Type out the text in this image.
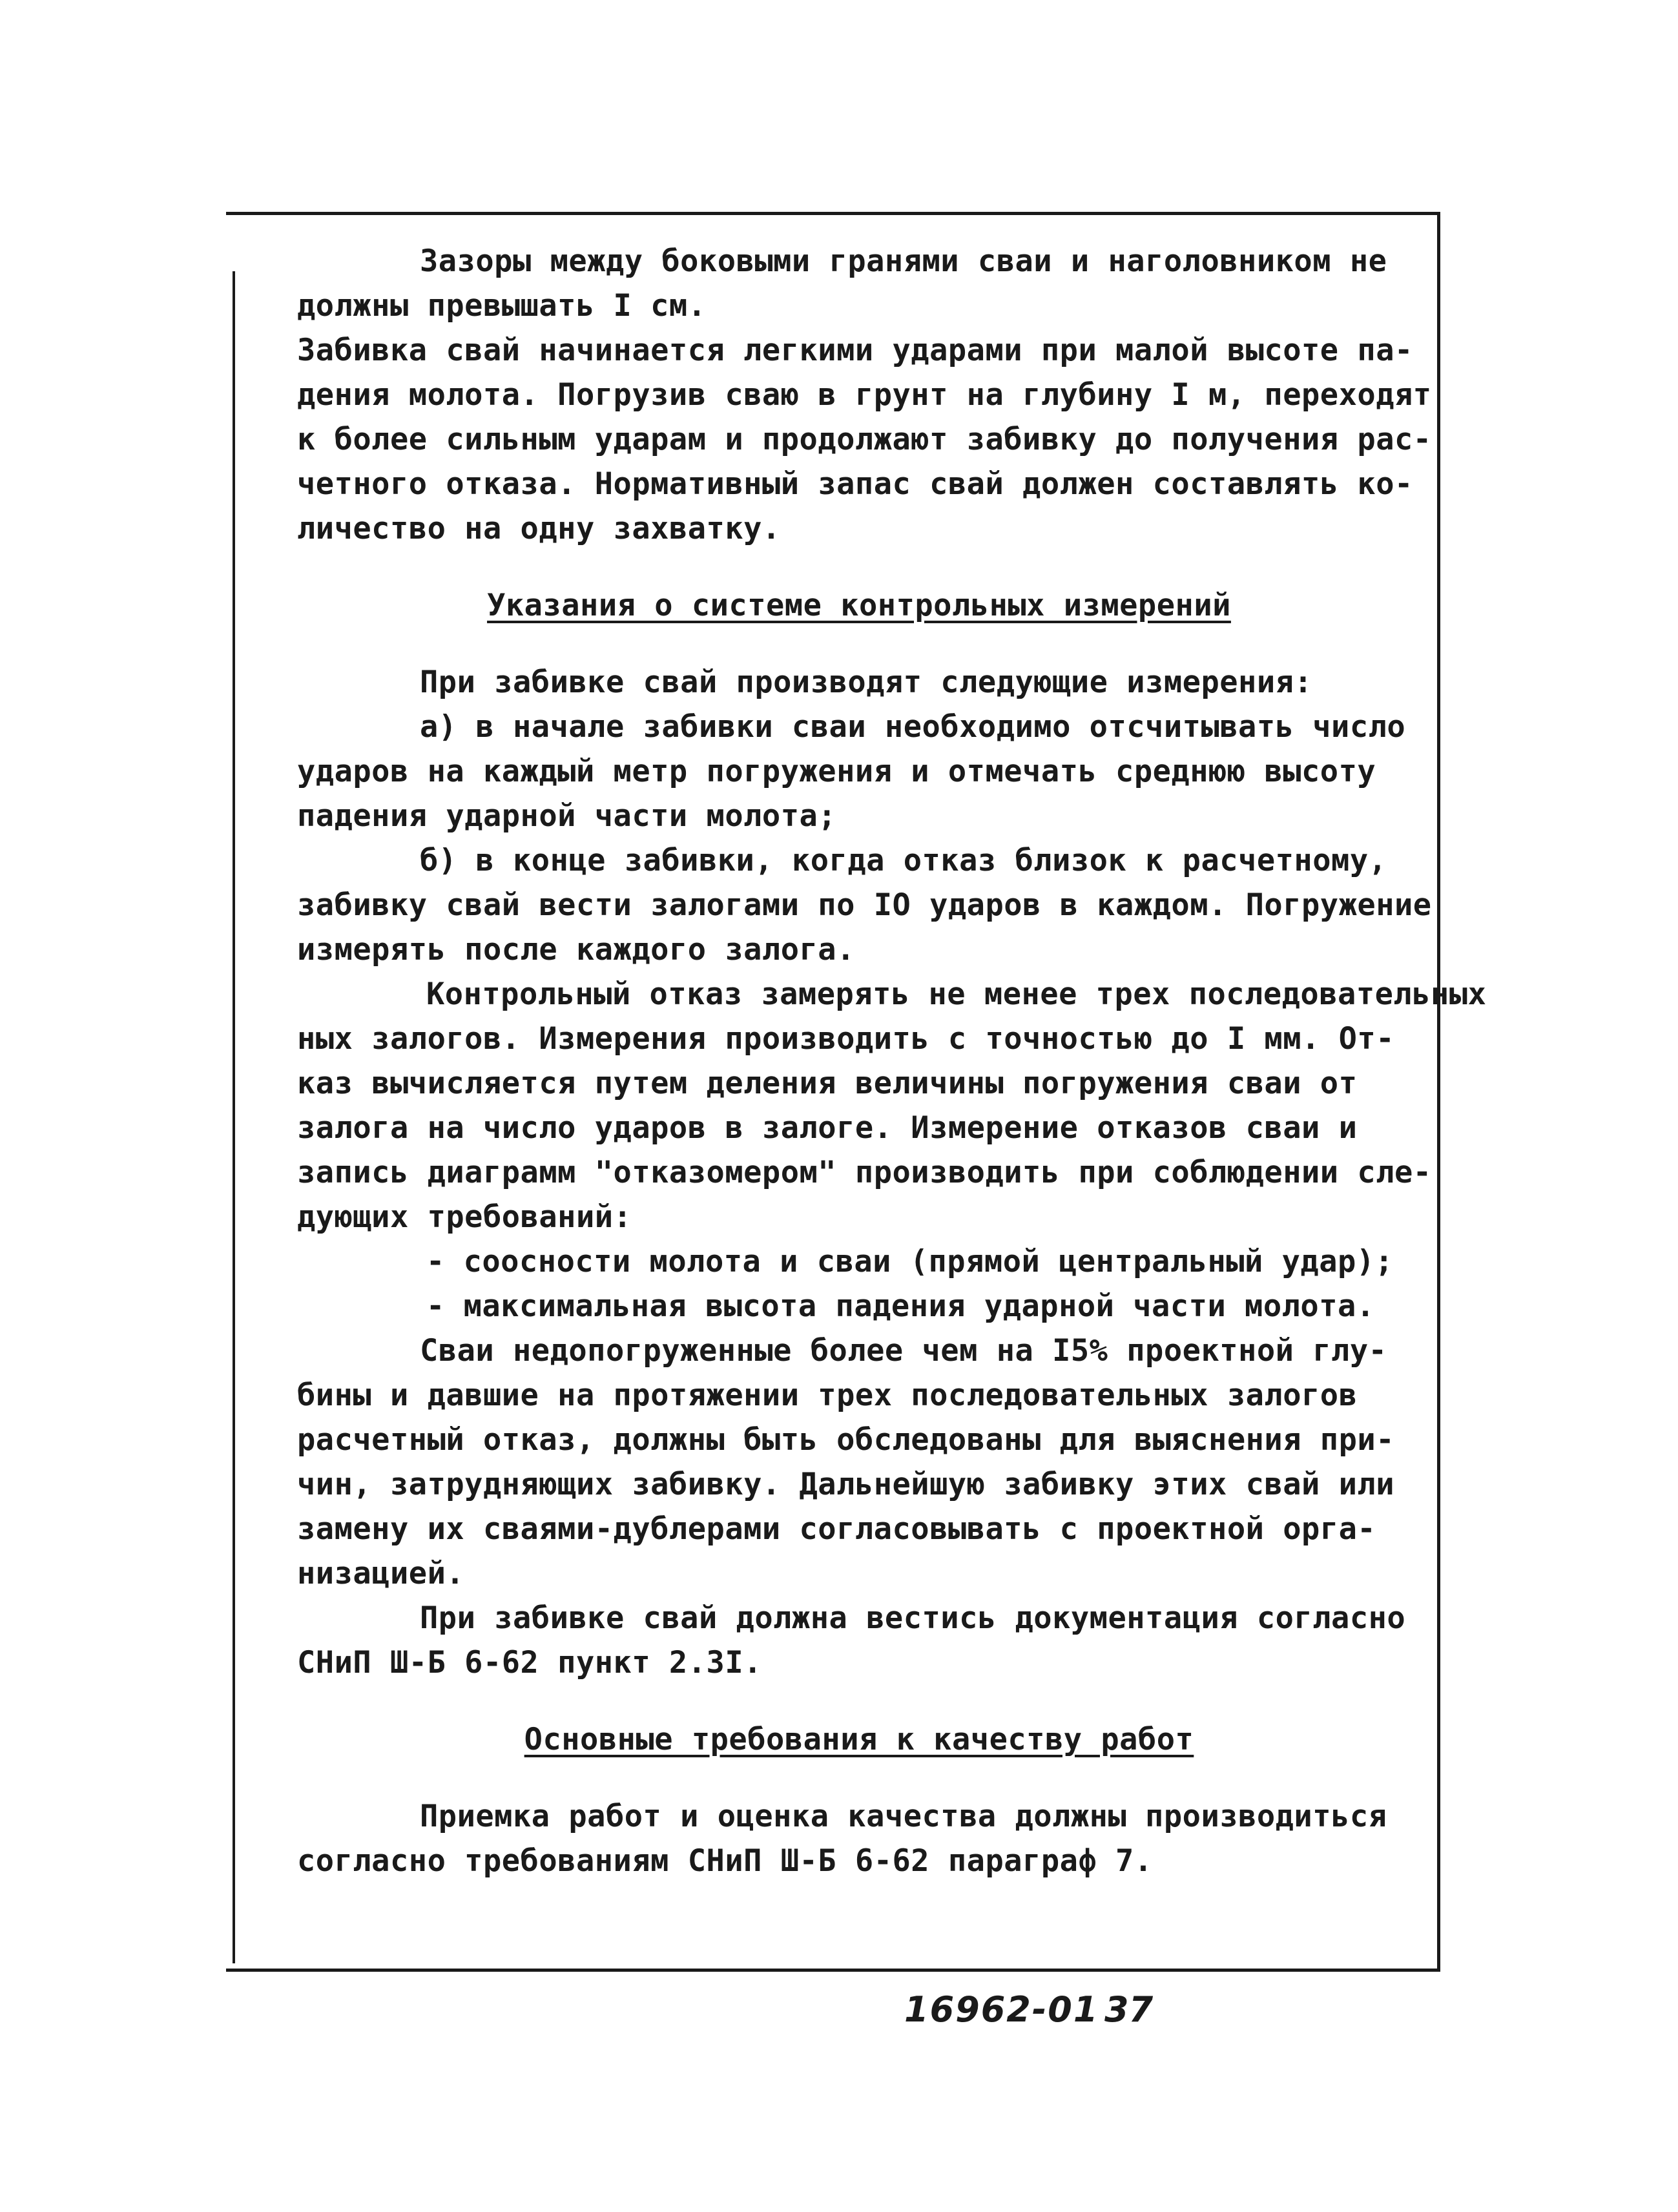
Зазоры между боковыми гранями сваи и наголовником не
должны превышать I см.
Забивка свай начинается легкими ударами при малой высоте па-
дения молота. Погрузив сваю в грунт на глубину I м, переходят
к более сильным ударам и продолжают забивку до получения рас-
четного отказа. Нормативный запас свай должен составлять ко-
личество на одну захватку.
Указания о системе контрольных измерений
При забивке свай производят следующие измерения:
а) в начале забивки сваи необходимо отсчитывать число
ударов на каждый метр погружения и отмечать среднюю высоту
падения ударной части молота;
б) в конце забивки, когда отказ близок к расчетному,
забивку свай вести залогами по IO ударов в каждом. Погружение
измерять после каждого залога.
Контрольный отказ замерять не менее трех последовательных
ных залогов. Измерения производить с точностью до I мм. От-
каз вычисляется путем деления величины погружения сваи от
залога на число ударов в залоге. Измерение отказов сваи и
запись диаграмм "отказомером" производить при соблюдении сле-
дующих требований:
- соосности молота и сваи (прямой центральный удар);
- максимальная высота падения ударной части молота.
Сваи недопогруженные более чем на I5% проектной глу-
бины и давшие на протяжении трех последовательных залогов
расчетный отказ, должны быть обследованы для выяснения при-
чин, затрудняющих забивку. Дальнейшую забивку этих свай или
замену их сваями-дублерами согласовывать с проектной орга-
низацией.
При забивке свай должна вестись документация согласно
СНиП Ш-Б 6-62 пункт 2.3I.
Основные требования к качеству работ
Приемка работ и оценка качества должны производиться
согласно требованиям СНиП Ш-Б 6-62 параграф 7.
16962-01 37
